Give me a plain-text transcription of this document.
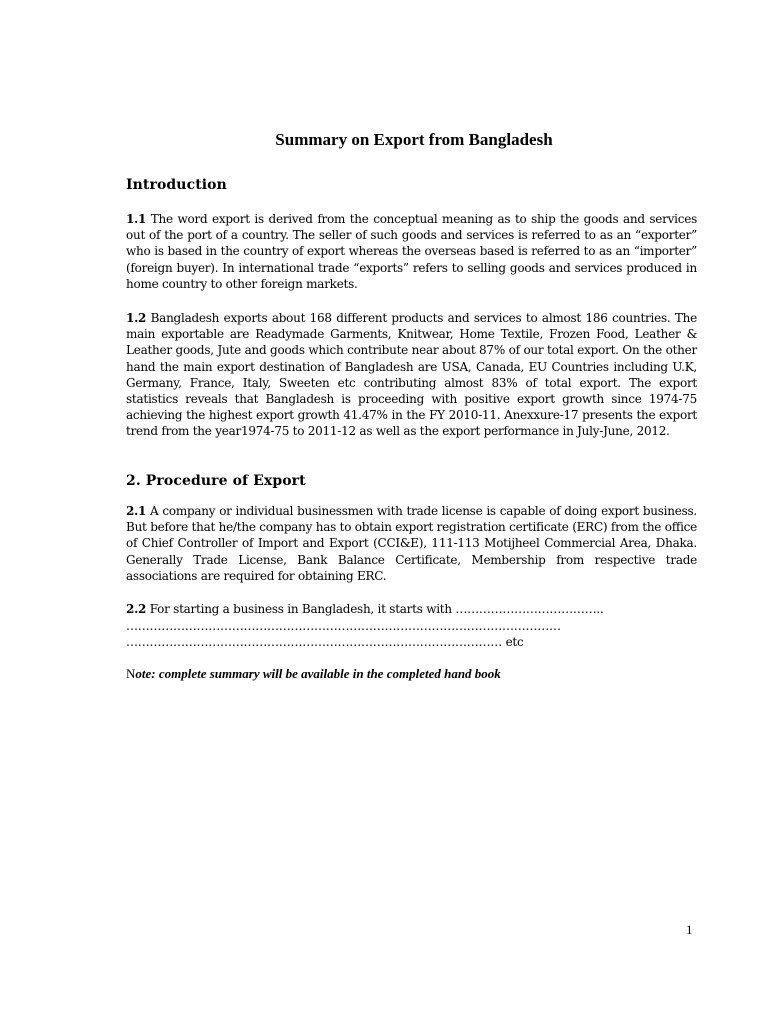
Summary on Export from Bangladesh
Introduction

1.1 The word export is derived from the conceptual meaning as to ship the goods and services out of the port of a country. The seller of such goods and services is referred to as an “exporter” who is based in the country of export whereas the overseas based is referred to as an “importer” (foreign buyer). In international trade “exports” refers to selling goods and services produced in home country to other foreign markets.

1.2 Bangladesh exports about 168 different products and services to almost 186 countries. The main exportable are Readymade Garments, Knitwear, Home Textile, Frozen Food, Leather & Leather goods, Jute and goods which contribute near about 87% of our total export. On the other hand the main export destination of Bangladesh are USA, Canada, EU Countries including U.K, Germany, France, Italy, Sweeten etc contributing almost 83% of total export. The export statistics reveals that Bangladesh is proceeding with positive export growth since 1974-75 achieving the highest export growth 41.47% in the FY 2010-11. Anexxure-17 presents the export trend from the year1974-75 to 2011-12 as well as the export performance in July-June, 2012.

2. Procedure of Export

2.1 A company or individual businessmen with trade license is capable of doing export business. But before that he/the company has to obtain export registration certificate (ERC) from the office of Chief Controller of Import and Export (CCI&E), 111-113 Motijheel Commercial Area, Dhaka. Generally Trade License, Bank Balance Certificate, Membership from respective trade associations are required for obtaining ERC.

2.2 For starting a business in Bangladesh, it starts with ………………………………..

…………………………………………………………………………………………………

…………………………………………………………………………………… etc

Note: complete summary will be available in the completed hand book

1
